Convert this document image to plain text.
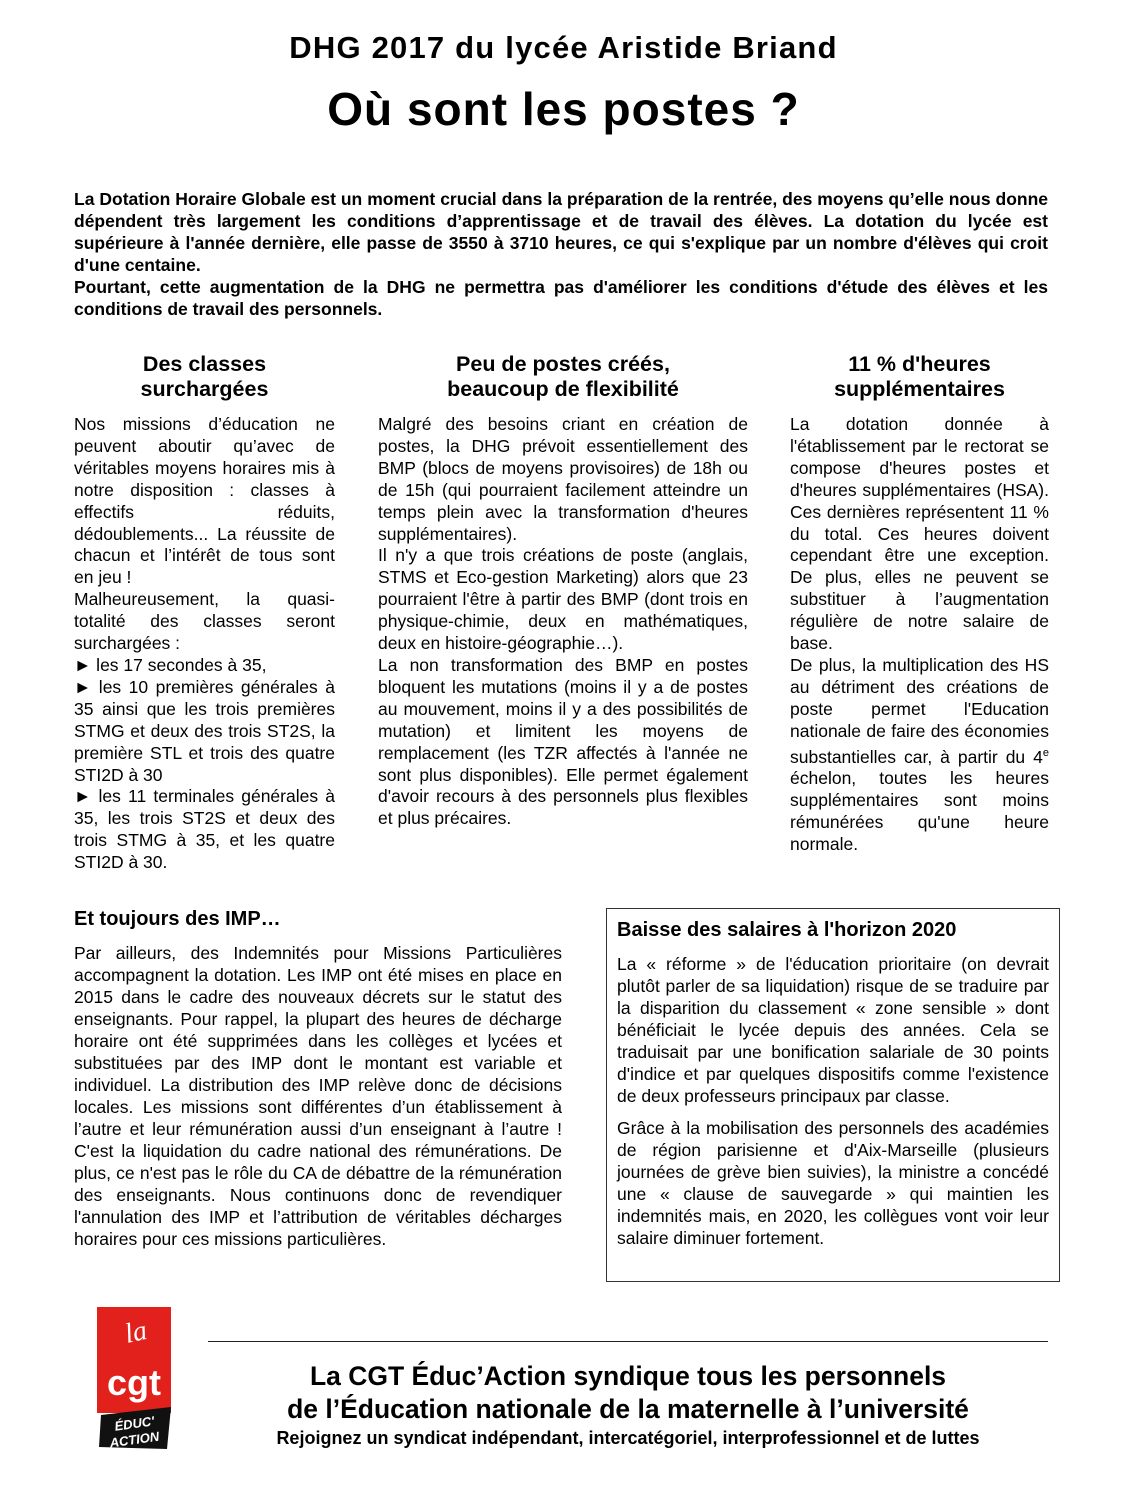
DHG 2017 du lycée Aristide Briand
Où sont les postes ?

La Dotation Horaire Globale est un moment crucial dans la préparation de la rentrée, des moyens qu’elle nous donne dépendent très largement les conditions d’apprentissage et de travail des élèves. La dotation du lycée est supérieure à l'année dernière, elle passe de 3550 à 3710 heures, ce qui s'explique par un nombre d'élèves qui croit d'une centaine.

Pourtant, cette augmentation de la DHG ne permettra pas d'améliorer les conditions d'étude des élèves et les conditions de travail des personnels.

Des classes
surchargées

Nos missions d’éducation ne peuvent aboutir qu’avec de véritables moyens horaires mis à notre disposition : classes à effectifs réduits, dédoublements... La réussite de chacun et l’intérêt de tous sont en jeu !

Malheureusement, la quasi-totalité des classes seront surchargées :

► les 17 secondes à 35,

► les 10 premières générales à 35 ainsi que les trois premières STMG et deux des trois ST2S, la première STL et trois des quatre STI2D à 30

► les 11 terminales générales à 35, les trois ST2S et deux des trois STMG à 35, et les quatre STI2D à 30.

Peu de postes créés,
beaucoup de flexibilité

Malgré des besoins criant en création de postes, la DHG prévoit essentiellement des BMP (blocs de moyens provisoires) de 18h ou de 15h (qui pourraient facilement atteindre un temps plein avec la transformation d'heures supplémentaires).

Il n'y a que trois créations de poste (anglais, STMS et Eco-gestion Marketing) alors que 23 pourraient l'être à partir des BMP (dont trois en physique-chimie, deux en mathématiques, deux en histoire-géographie…).

La non transformation des BMP en postes bloquent les mutations (moins il y a de postes au mouvement, moins il y a des possibilités de mutation) et limitent les moyens de remplacement (les TZR affectés à l'année ne sont plus disponibles). Elle permet également d'avoir recours à des personnels plus flexibles et plus précaires.

11 % d'heures
supplémentaires

La dotation donnée à l'établissement par le rectorat se compose d'heures postes et d'heures supplémentaires (HSA). Ces dernières représentent 11 % du total. Ces heures doivent cependant être une exception. De plus, elles ne peuvent se substituer à l’augmentation régulière de notre salaire de base.

De plus, la multiplication des HS au détriment des créations de poste permet l'Education nationale de faire des économies substantielles car, à partir du 4e échelon, toutes les heures supplémentaires sont moins rémunérées qu'une heure normale.

Et toujours des IMP…
Par ailleurs, des Indemnités pour Missions Particulières accompagnent la dotation. Les IMP ont été mises en place en 2015 dans le cadre des nouveaux décrets sur le statut des enseignants. Pour rappel, la plupart des heures de décharge horaire ont été supprimées dans les collèges et lycées et substituées par des IMP dont le montant est variable et individuel. La distribution des IMP relève donc de décisions locales. Les missions sont différentes d’un établissement à l’autre et leur rémunération aussi d’un enseignant à l’autre ! C'est la liquidation du cadre national des rémunérations. De plus, ce n'est pas le rôle du CA de débattre de la rémunération des enseignants. Nous continuons donc de revendiquer l'annulation des IMP et l’attribution de véritables décharges horaires pour ces missions particulières.
Baisse des salaires à l'horizon 2020

La « réforme » de l'éducation prioritaire (on devrait plutôt parler de sa liquidation) risque de se traduire par la disparition du classement « zone sensible » dont bénéficiait le lycée depuis des années. Cela se traduisait par une bonification salariale de 30 points d'indice et par quelques dispositifs comme l'existence de deux professeurs principaux par classe.

Grâce à la mobilisation des personnels des académies de région parisienne et d'Aix-Marseille (plusieurs journées de grève bien suivies), la ministre a concédé une « clause de sauvegarde » qui maintien les indemnités mais, en 2020, les collègues vont voir leur salaire diminuer fortement.

la
cgt
ÉDUC'
ACTION
La CGT Éduc’Action syndique tous les personnels
de l’Éducation nationale de la maternelle à l’université
Rejoignez un syndicat indépendant, intercatégoriel, interprofessionnel et de luttes
